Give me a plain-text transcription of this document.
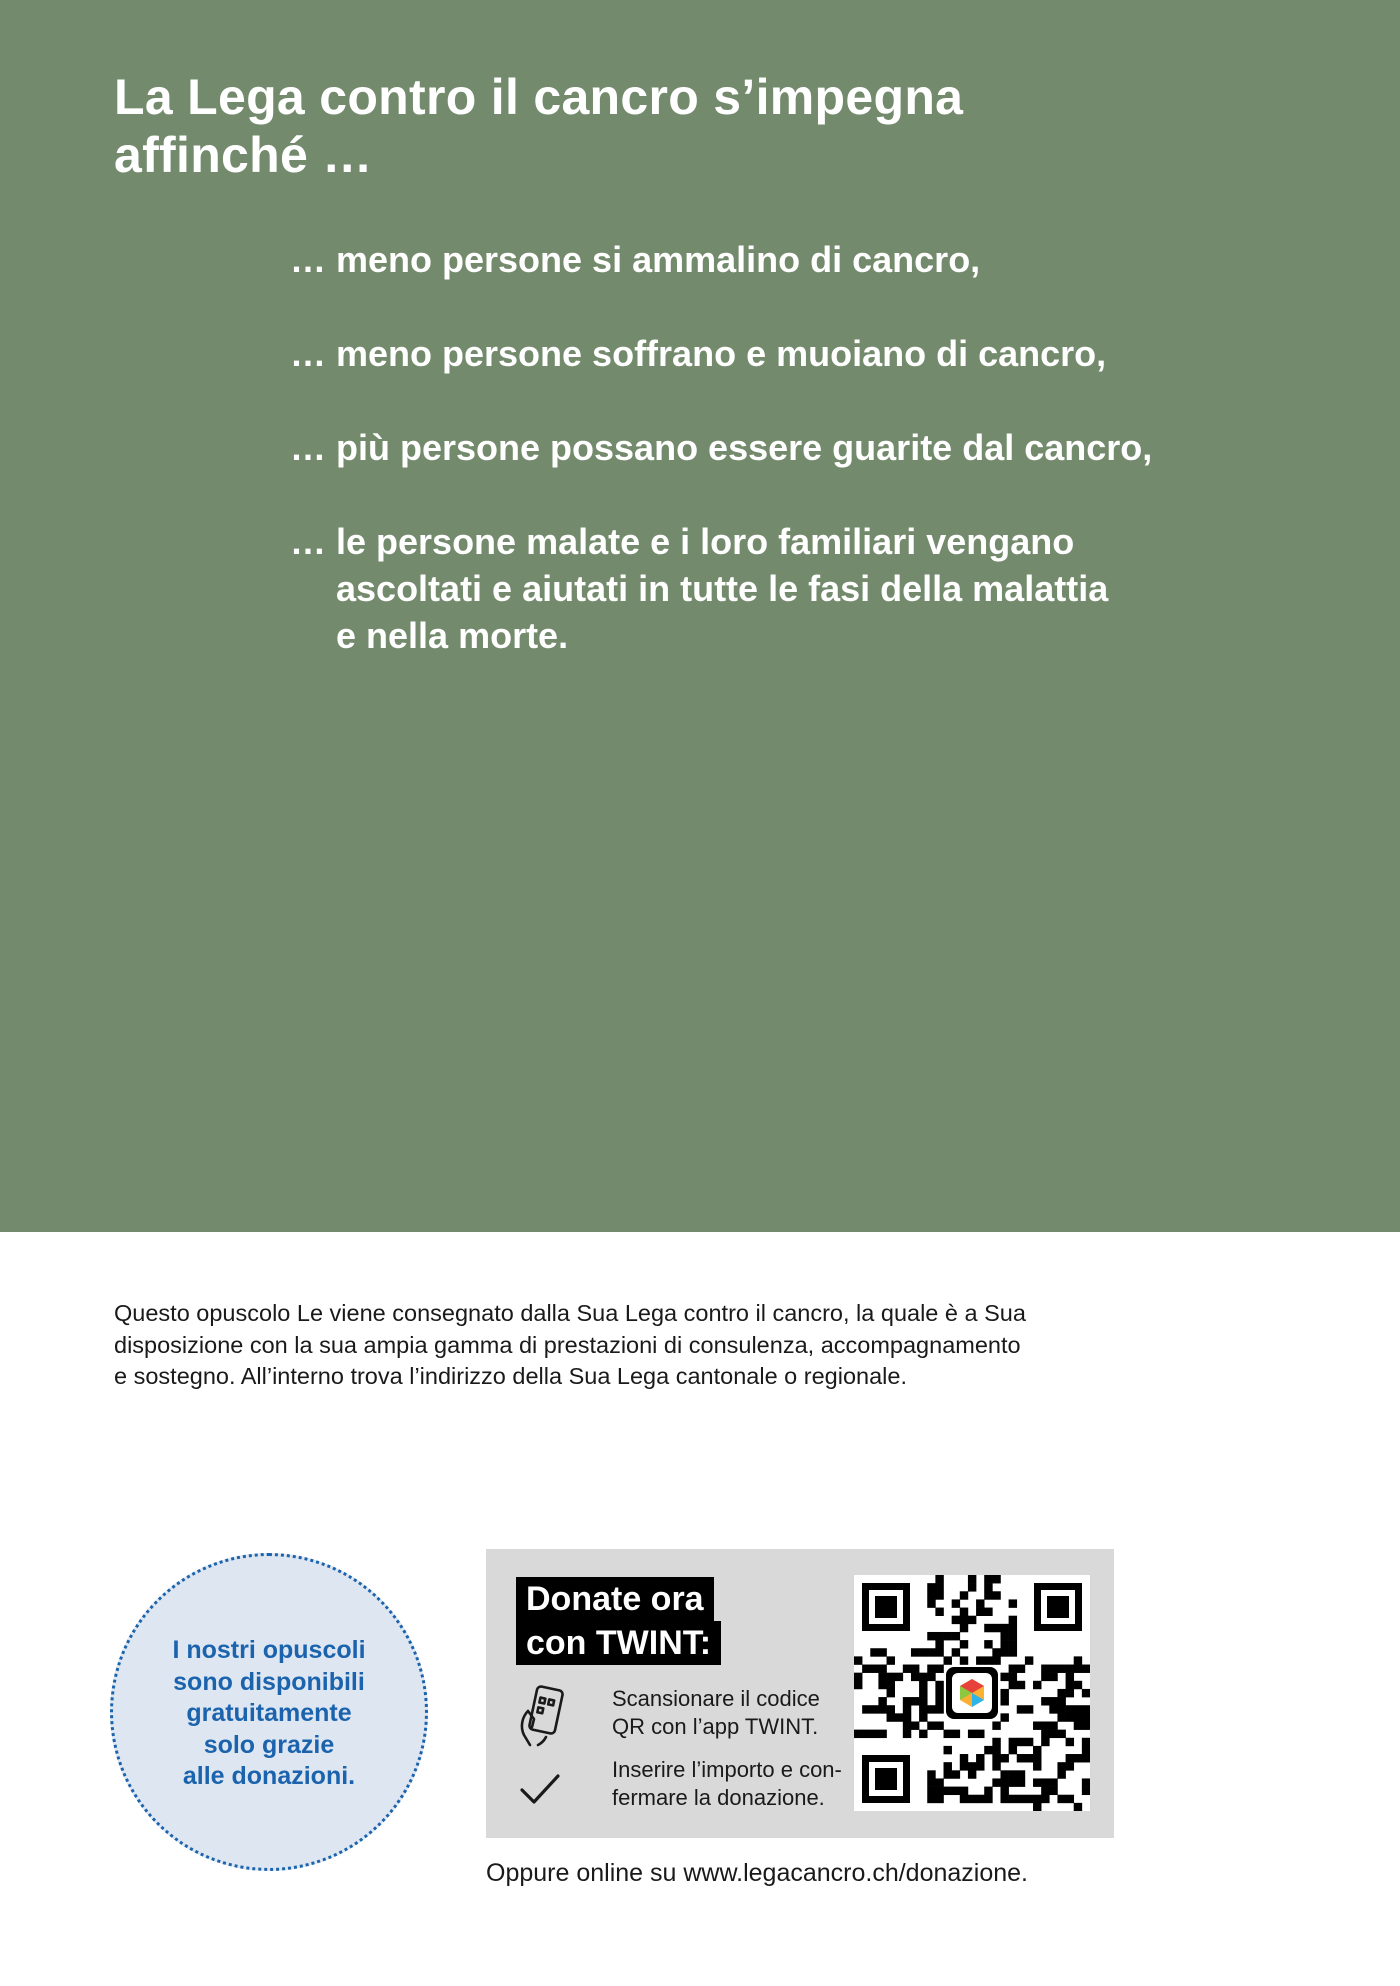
La Lega contro il cancro s’impegna
affinché …
… meno persone si ammalino di cancro,
… meno persone soffrano e muoiano di cancro,
… più persone possano essere guarite dal cancro,
… le persone malate e i loro familiari vengano
ascoltati e aiutati in tutte le fasi della malattia
e nella morte.

Questo opuscolo Le viene consegnato dalla Sua Lega contro il cancro, la quale è a Sua
disposizione con la sua ampia gamma di prestazioni di consulenza, accompagnamento
e sostegno. All’interno trova l’indirizzo della Sua Lega cantonale o regionale.

I nostri opuscoli
sono disponibili
gratuitamente
solo grazie
alle donazioni.
Donate ora
con TWINT:
Scansionare il codice
QR con l’app TWINT.
Inserire l’importo e con-
fermare la donazione.

Oppure online su www.legacancro.ch/donazione.
